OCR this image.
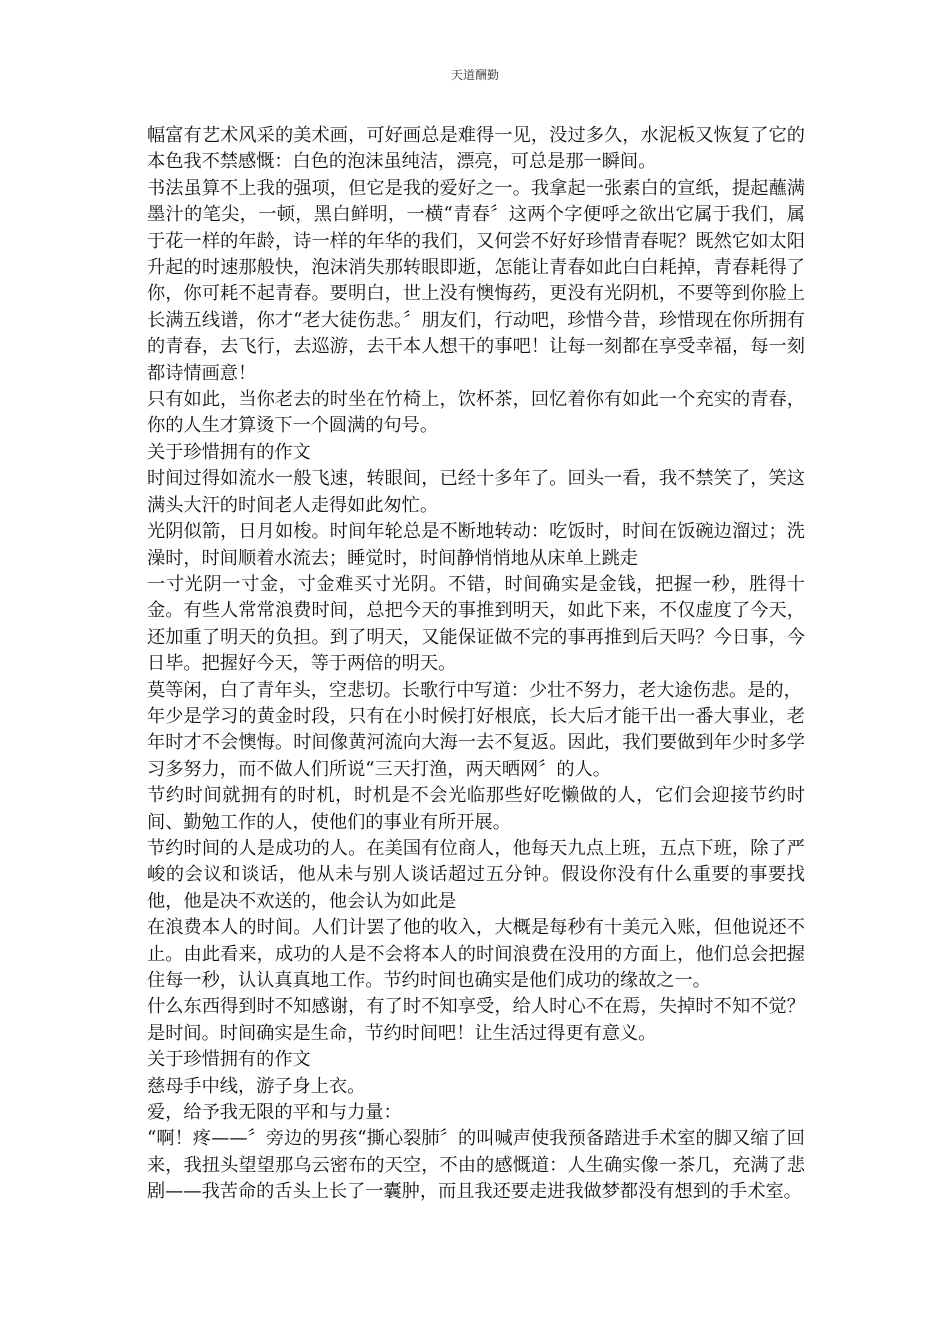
天道酬勤

幅富有艺术风采的美术画，可好画总是难得一见，没过多久，水泥板又恢复了它的本色我不禁感慨：白色的泡沫虽纯洁，漂亮，可总是那一瞬间。

书法虽算不上我的强项，但它是我的爱好之一。我拿起一张素白的宣纸，提起蘸满墨汁的笔尖，一顿，黑白鲜明，一横“青春〞这两个字便呼之欲出它属于我们，属于花一样的年龄，诗一样的年华的我们，又何尝不好好珍惜青春呢？既然它如太阳升起的时速那般快，泡沫消失那转眼即逝，怎能让青春如此白白耗掉，青春耗得了你，你可耗不起青春。要明白，世上没有懊悔药，更没有光阴机，不要等到你脸上长满五线谱，你才“老大徒伤悲。〞朋友们，行动吧，珍惜今昔，珍惜现在你所拥有的青春，去飞行，去巡游，去干本人想干的事吧！让每一刻都在享受幸福，每一刻都诗情画意！

只有如此，当你老去的时坐在竹椅上，饮杯茶，回忆着你有如此一个充实的青春，你的人生才算烫下一个圆满的句号。

关于珍惜拥有的作文

时间过得如流水一般飞速，转眼间，已经十多年了。回头一看，我不禁笑了，笑这满头大汗的时间老人走得如此匆忙。

光阴似箭，日月如梭。时间年轮总是不断地转动：吃饭时，时间在饭碗边溜过；洗澡时，时间顺着水流去；睡觉时，时间静悄悄地从床单上跳走

一寸光阴一寸金，寸金难买寸光阴。不错，时间确实是金钱，把握一秒，胜得十金。有些人常常浪费时间，总把今天的事推到明天，如此下来，不仅虚度了今天，还加重了明天的负担。到了明天，又能保证做不完的事再推到后天吗？今日事，今日毕。把握好今天，等于两倍的明天。

莫等闲，白了青年头，空悲切。长歌行中写道：少壮不努力，老大途伤悲。是的，

年少是学习的黄金时段，只有在小时候打好根底，长大后才能干出一番大事业，老年时才不会懊悔。时间像黄河流向大海一去不复返。因此，我们要做到年少时多学习多努力，而不做人们所说“三天打渔，两天晒网〞的人。

节约时间就拥有的时机，时机是不会光临那些好吃懒做的人，它们会迎接节约时间、勤勉工作的人，使他们的事业有所开展。

节约时间的人是成功的人。在美国有位商人，他每天九点上班，五点下班，除了严峻的会议和谈话，他从未与别人谈话超过五分钟。假设你没有什么重要的事要找他，他是决不欢送的，他会认为如此是

在浪费本人的时间。人们计罢了他的收入，大概是每秒有十美元入账，但他说还不止。由此看来，成功的人是不会将本人的时间浪费在没用的方面上，他们总会把握住每一秒，认认真真地工作。节约时间也确实是他们成功的缘故之一。

什么东西得到时不知感谢，有了时不知享受，给人时心不在焉，失掉时不知不觉？是时间。时间确实是生命，节约时间吧！让生活过得更有意义。

关于珍惜拥有的作文

慈母手中线，游子身上衣。

爱，给予我无限的平和与力量：

“啊！疼——〞旁边的男孩“撕心裂肺〞的叫喊声使我预备踏进手术室的脚又缩了回来，我扭头望望那乌云密布的天空，不由的感慨道：人生确实像一茶几，充满了悲剧——我苦命的舌头上长了一囊肿，而且我还要走进我做梦都没有想到的手术室。
